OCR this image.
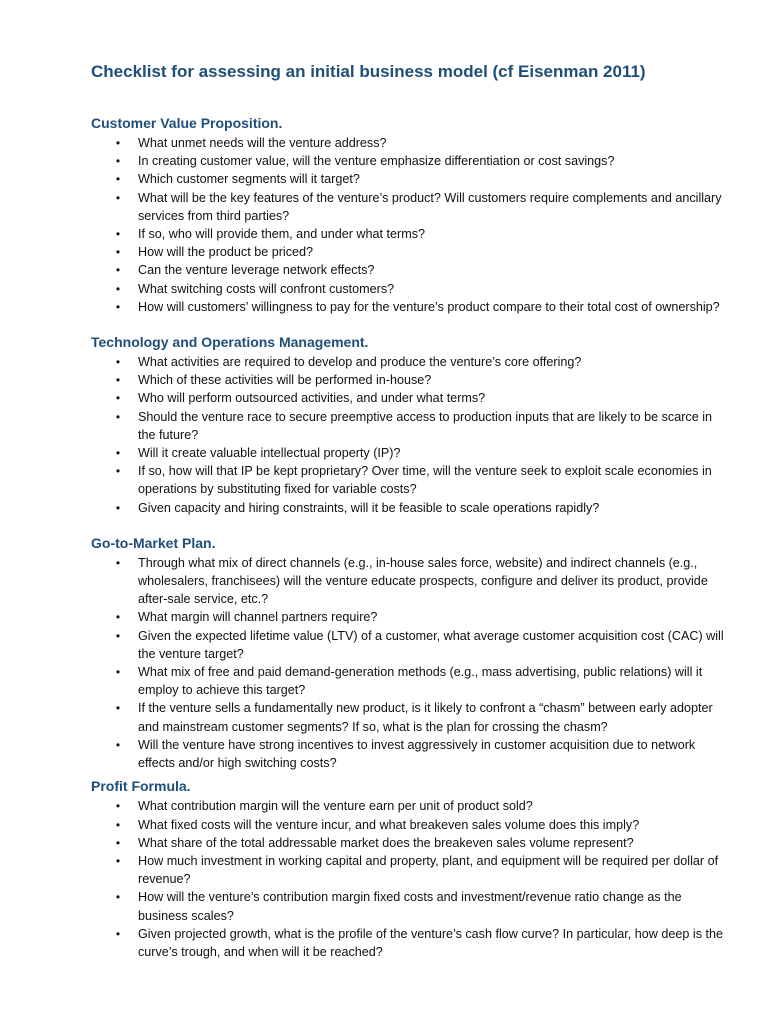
Checklist for assessing an initial business model (cf Eisenman 2011)
Customer Value Proposition.
• What unmet needs will the venture address?
• In creating customer value, will the venture emphasize differentiation or cost savings?
• Which customer segments will it target?
• What will be the key features of the venture’s product? Will customers require complements and ancillary services from third parties?
• If so, who will provide them, and under what terms?
• How will the product be priced?
• Can the venture leverage network effects?
• What switching costs will confront customers?
• How will customers’ willingness to pay for the venture’s product compare to their total cost of ownership?
Technology and Operations Management.
• What activities are required to develop and produce the venture’s core offering?
• Which of these activities will be performed in-house?
• Who will perform outsourced activities, and under what terms?
• Should the venture race to secure preemptive access to production inputs that are likely to be scarce in the future?
• Will it create valuable intellectual property (IP)?
• If so, how will that IP be kept proprietary? Over time, will the venture seek to exploit scale economies in operations by substituting fixed for variable costs?
• Given capacity and hiring constraints, will it be feasible to scale operations rapidly?
Go-to-Market Plan.
• Through what mix of direct channels (e.g., in-house sales force, website) and indirect channels (e.g., wholesalers, franchisees) will the venture educate prospects, configure and deliver its product, provide after-sale service, etc.?
• What margin will channel partners require?
• Given the expected lifetime value (LTV) of a customer, what average customer acquisition cost (CAC) will the venture target?
• What mix of free and paid demand-generation methods (e.g., mass advertising, public relations) will it employ to achieve this target?
• If the venture sells a fundamentally new product, is it likely to confront a “chasm” between early adopter and mainstream customer segments? If so, what is the plan for crossing the chasm?
• Will the venture have strong incentives to invest aggressively in customer acquisition due to network effects and/or high switching costs?
Profit Formula.
• What contribution margin will the venture earn per unit of product sold?
• What fixed costs will the venture incur, and what breakeven sales volume does this imply?
• What share of the total addressable market does the breakeven sales volume represent?
• How much investment in working capital and property, plant, and equipment will be required per dollar of revenue?
• How will the venture’s contribution margin fixed costs and investment/revenue ratio change as the business scales?
• Given projected growth, what is the profile of the venture’s cash flow curve? In particular, how deep is the curve’s trough, and when will it be reached?
